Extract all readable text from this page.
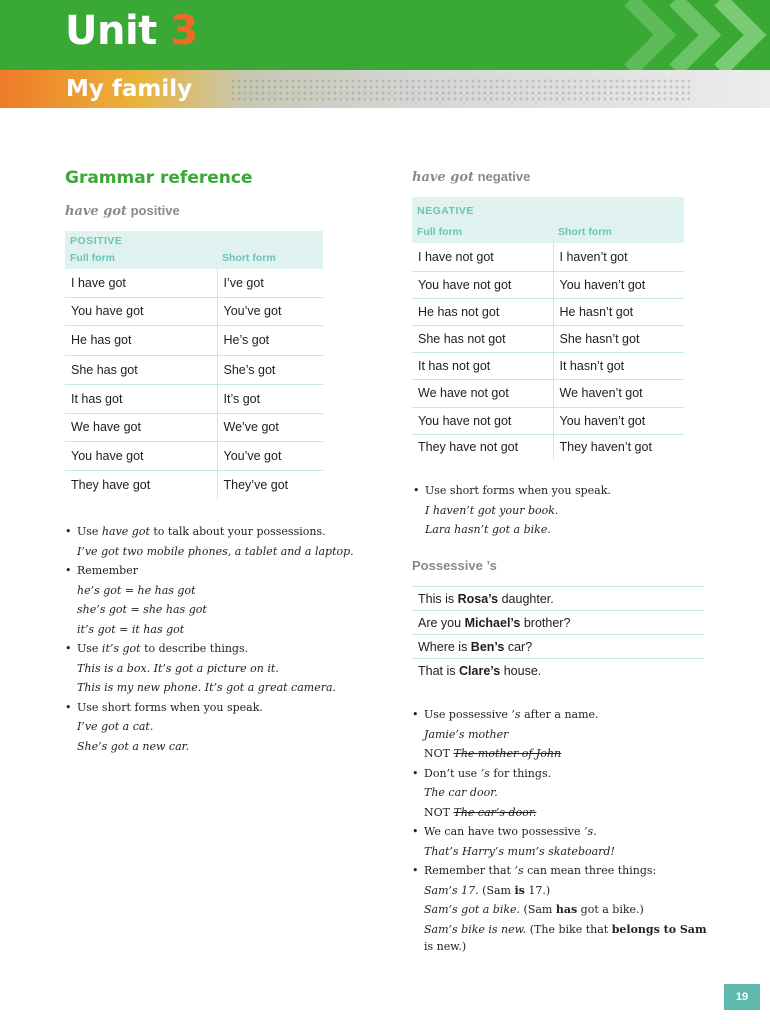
Unit 3
My family
Grammar reference
have got positive
POSITIVE	
Full form	Short form
I have got	I’ve got
You have got	You’ve got
He has got	He’s got
She has got	She’s got
It has got	It’s got
We have got	We’ve got
You have got	You’ve got
They have got	They’ve got
• Use have got to talk about your possessions.
I’ve got two mobile phones, a tablet and a laptop.
• Remember
he’s got = he has got
she’s got = she has got
it’s got = it has got
• Use it’s got to describe things.
This is a box. It’s got a picture on it.
This is my new phone. It’s got a great camera.
• Use short forms when you speak.
I’ve got a cat.
She’s got a new car.
have got negative
NEGATIVE	
Full form	Short form
I have not got	I haven’t got
You have not got	You haven’t got
He has not got	He hasn’t got
She has not got	She hasn’t got
It has not got	It hasn’t got
We have not got	We haven’t got
You have not got	You haven’t got
They have not got	They haven’t got
• Use short forms when you speak.
I haven’t got your book.
Lara hasn’t got a bike.
Possessive ’s
This is Rosa’s daughter.
Are you Michael’s brother?
Where is Ben’s car?
That is Clare’s house.
• Use possessive ’s after a name.
Jamie’s mother
NOT The mother of John
• Don’t use ’s for things.
The car door.
NOT The car’s door.
• We can have two possessive ’s.
That’s Harry’s mum’s skateboard!
• Remember that ’s can mean three things:
Sam’s 17. (Sam is 17.)
Sam’s got a bike. (Sam has got a bike.)
Sam’s bike is new. (The bike that belongs to Sam
is new.)
19
